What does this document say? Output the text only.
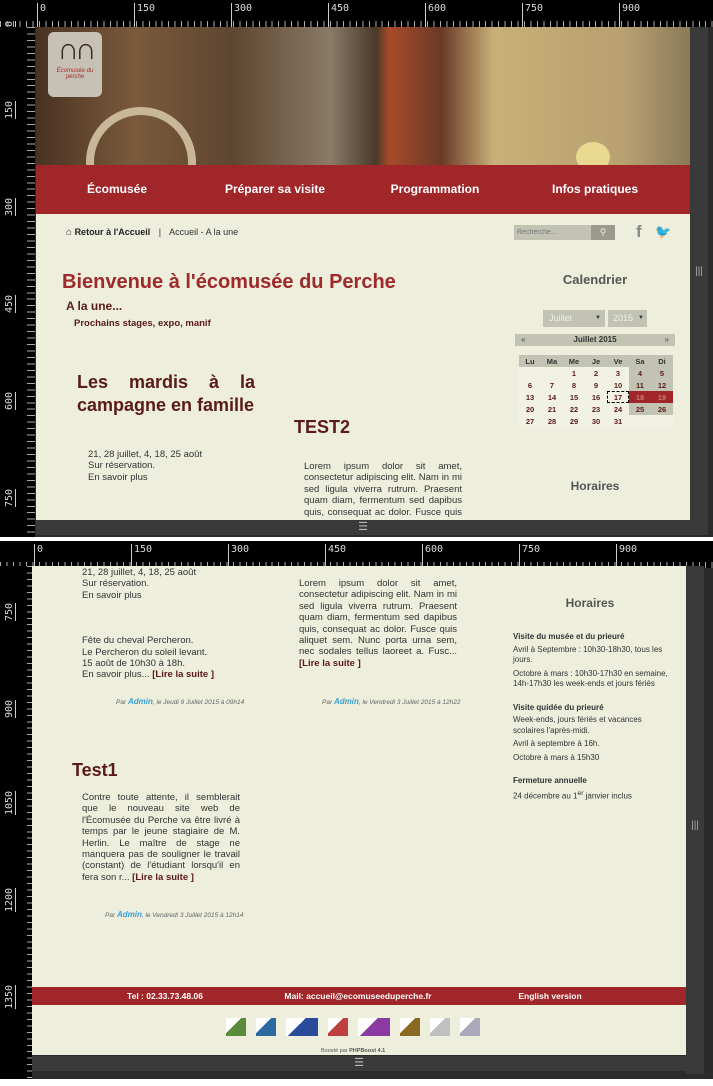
0	150	300	450	600	750	900
0
150
300
450
600
750
∩∩
Écomusée du perche
Écomusée	Préparer sa visite	Programmation	Infos pratiques
⌂ Retour à l'Accueil | Accueil - A la une
Recherche...	⚲	f 🐦
Bienvenue à l'écomusée du Perche
A la une...
Prochains stages, expo, manif
Les mardis à la campagne en famille
21, 28 juillet, 4, 18, 25 août
Sur réservation.
En savoir plus
TEST2
Lorem ipsum dolor sit amet, consectetur adipiscing elit. Nam in mi sed ligula viverra rutrum. Praesent quam diam, fermentum sed dapibus quis, consequat ac dolor. Fusce quis
Calendrier
Juillet	▼	2015 ▼
«	Juillet 2015	»
Lu	Ma	Me	Je	Ve	Sa	Di
		1	2	3	4	5
6	7	8	9	10	11	12
13	14	15	16	17	18	19
20	21	22	23	24	25	26
27	28	29	30	31		
Horaires
|||
☰
0	150	300	450	600	750	900
750
900
1050
1200
1350
21, 28 juillet, 4, 18, 25 août
Sur réservation.
En savoir plus
Fête du cheval Percheron.
Le Percheron du soleil levant.
15 août de 10h30 à 18h.
En savoir plus... [Lire la suite ]
Par Admin, le Jeudi 9 Juillet 2015 à 09h14
Lorem ipsum dolor sit amet, consectetur adipiscing elit. Nam in mi sed ligula viverra rutrum. Praesent quam diam, fermentum sed dapibus quis, consequat ac dolor. Fusce quis aliquet sem. Nunc porta urna sem, nec sodales tellus laoreet a. Fusc... [Lire la suite ]
Par Admin, le Vendredi 3 Juillet 2015 à 12h22
Test1
Contre toute attente, il semblerait que le nouveau site web de l'Écomusée du Perche va être livré à temps par le jeune stagiaire de M. Herlin. Le maître de stage ne manquera pas de souligner le travail (constant) de l'étudiant lorsqu'il en fera son r... [Lire la suite ]
Par Admin, le Vendredi 3 Juillet 2015 à 12h14
Horaires
Visite du musée et du prieuré

Avril à Septembre : 10h30-18h30, tous les jours.

Octobre à mars : 10h30-17h30 en semaine, 14h-17h30 les week-ends et jours fériés

Visite quidée du prieuré

Week-ends, jours fériés et vacances scolaires l'après-midi.

Avril à septembre à 16h.

Octobre à mars à 15h30

Fermeture annuelle

24 décembre au 1er janvier inclus

Tel : 02.33.73.48.06	Mail: accueil@ecomuseeduperche.fr	English version
Boosté par PHPBoost 4.1
|||
☰
